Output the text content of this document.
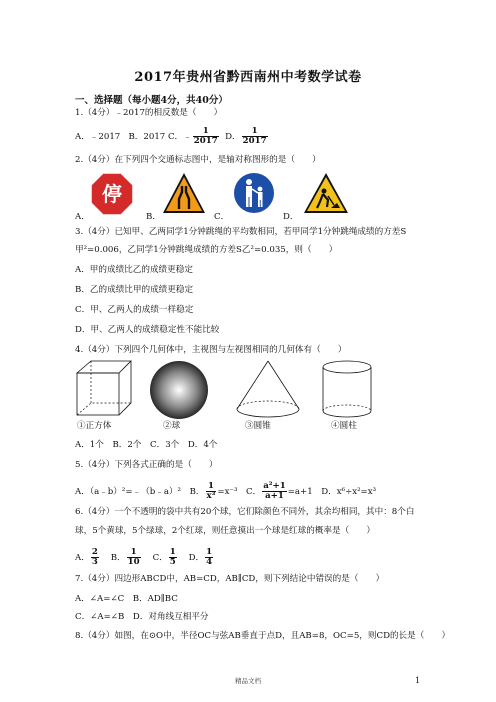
2017年贵州省黔西南州中考数学试卷
一、选择题（每小题4分，共40分）
1.（4分）﹣2017的相反数是（　　）
A．﹣2017 B．2017 C．﹣ $\frac{1}{2017}$ D． $\frac{1}{2017}$
2.（4分）在下列四个交通标志图中，是轴对称图形的是（　　）
停
A．	B．	C．	D．
3.（4分）已知甲、乙两同学1分钟跳绳的平均数相同，若甲同学1分钟跳绳成绩的方差S
甲²=0.006，乙同学1分钟跳绳成绩的方差S乙²=0.035，则（　　）
A．甲的成绩比乙的成绩更稳定
B．乙的成绩比甲的成绩更稳定
C．甲、乙两人的成绩一样稳定
D．甲、乙两人的成绩稳定性不能比较
4.（4分）下列四个几何体中，主视图与左视图相同的几何体有（　　）
①正方体	②球	③圆锥	④圆柱
A．1个　B．2个　C．3个　D．4个
5.（4分）下列各式正确的是（　　）
A．（a﹣b）²=﹣（b﹣a）²　B． $\frac{1}{\text{x³}} =x^{-3}$　C． $\frac{\text{a²+1}}{a+1} =a+1$　D．x⁶÷x²=x³
6.（4分）一个不透明的袋中共有20个球，它们除颜色不同外，其余均相同，其中：8个白
球，5个黄球，5个绿球，2个红球，则任意摸出一个球是红球的概率是（　　）
A． $\frac{2}{3}$ B． $\frac{1}{10}$ C． $\frac{1}{5}$ D． $\frac{1}{4}$
7.（4分）四边形ABCD中，AB=CD，AB∥CD，则下列结论中错误的是（　　）
A．∠A=∠C　B．AD∥BC
C．∠A=∠B　D．对角线互相平分
8.（4分）如图，在⊙O中，半径OC与弦AB垂直于点D，且AB=8，OC=5，则CD的长是（　　）
精品文档	1
